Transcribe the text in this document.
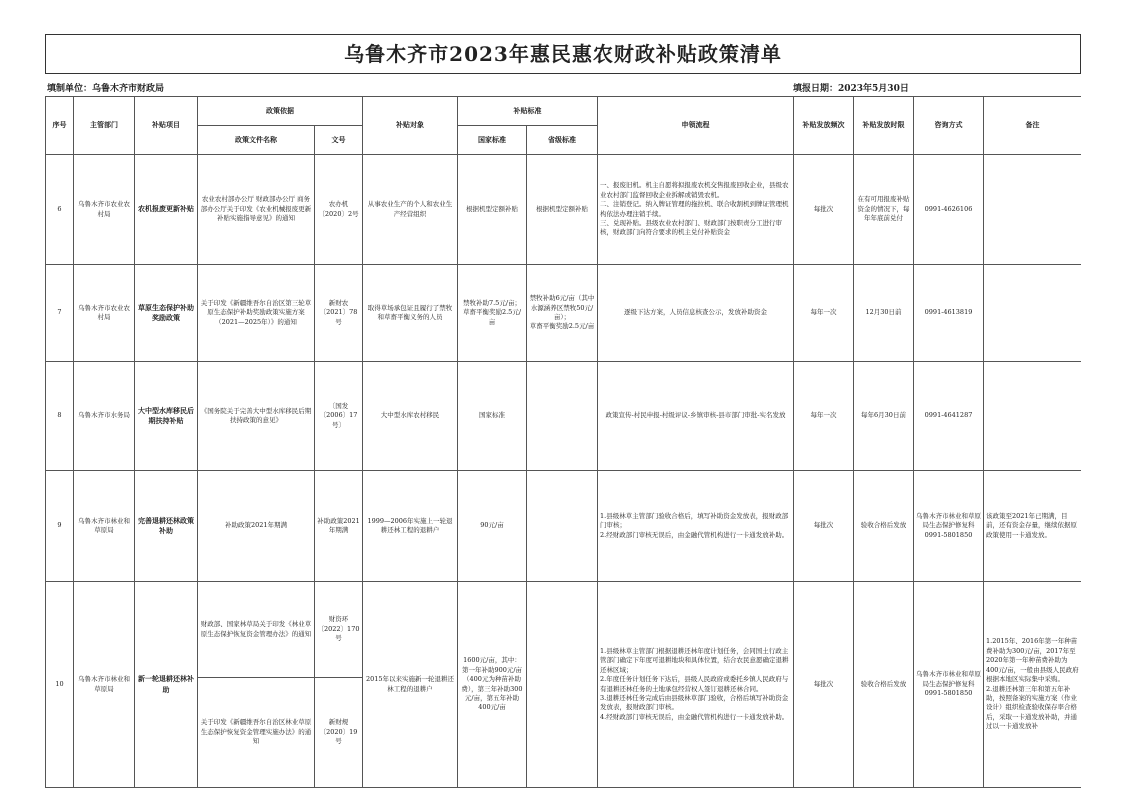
乌鲁木齐市2023年惠民惠农财政补贴政策清单
填制单位：乌鲁木齐市财政局	填报日期：2023年5月30日
序号	主管部门	补贴项目	政策依据		补贴对象	补贴标准		申领流程	补贴发放频次	补贴发放时限	咨询方式	备注
			政策文件名称	文号		国家标准	省级标准					
6	乌鲁木齐市农业农村局	农机报废更新补贴	农业农村部办公厅 财政部办公厅 商务部办公厅关于印发《农业机械报废更新补贴实施指导意见》的通知	农办机〔2020〕2号	从事农业生产的个人和农业生产经营组织	根据机型定额补贴	根据机型定额补贴	一、报废旧机。机主自愿将拟报废农机交售报废回收企业，县级农业农村部门监督回收企业拆解或销毁农机。
二、注销登记。纳入牌证管理的拖拉机、联合收割机到牌证管理机构依法办理注销手续。
三、兑现补贴。县级农业农村部门、财政部门按职责分工进行审核，财政部门向符合要求的机主兑付补贴资金	每批次	在有可用报废补贴资金的情况下，每年年底前兑付	0991-4626106	
7	乌鲁木齐市农业农村局	草原生态保护补助奖励政策	关于印发《新疆维吾尔自治区第三轮草原生态保护补助奖励政策实施方案（2021—2025年）》的通知	新财农〔2021〕78号	取得草场承包证且履行了禁牧和草畜平衡义务的人员	禁牧补助7.5元/亩；
草畜平衡奖励2.5元/亩	禁牧补助6元/亩（其中水源涵养区禁牧50元/亩）；
草畜平衡奖励2.5元/亩	逐级下达方案，人员信息核查公示，发放补助资金	每年一次	12月30日前	0991-4613819	
8	乌鲁木齐市水务局	大中型水库移民后期扶持补贴	《国务院关于完善大中型水库移民后期扶持政策的意见》	〔国发〔2006〕17号〕	大中型水库农村移民	国家标准		政策宣传-村民申报-村级评议-乡镇审核-县市部门审批-实名发放	每年一次	每年6月30日前	0991-4641287	
9	乌鲁木齐市林业和草原局	完善退耕还林政策补助	补助政策2021年期满	补助政策2021年期满	1999—2006年实施上一轮退耕还林工程的退耕户	90元/亩		1.县级林草主管部门验收合格后，填写补助资金发放表，报财政部门审核；
2.经财政部门审核无误后，由金融代管机构进行一卡通发放补助。	每批次	验收合格后发放	乌鲁木齐市林业和草原局生态保护修复科0991-5801850	该政策至2021年已期满，目前，还有资金存量，继续依据原政策使用一卡通发放。
10	乌鲁木齐市林业和草原局	新一轮退耕还林补助	财政部、国家林草局关于印发《林业草原生态保护恢复资金管理办法》的通知	财资环〔2022〕170号	2015年以来实施新一轮退耕还林工程的退耕户	1600元/亩，其中：第一年补助900元/亩（400元为种苗补助费），第三年补助300元/亩，第五年补助400元/亩		1.县级林草主管部门根据退耕还林年度计划任务，会同国土行政主管部门确定下年度可退耕地块和具体位置，结合农民意愿确定退耕还林区域；
2.年度任务计划任务下达后，县级人民政府或委托乡镇人民政府与有退耕还林任务的土地承包经营权人签订退耕还林合同。
3.退耕还林任务完成后由县级林草部门验收，合格后填写补助资金发放表，报财政部门审核。
4.经财政部门审核无误后，由金融代管机构进行一卡通发放补助。	每批次	验收合格后发放	乌鲁木齐市林业和草原局生态保护修复科0991-5801850	1.2015年、2016年第一年种苗费补助为300元/亩，2017年至2020年第一年种苗费补助为400元/亩，一般由县级人民政府根据本地区实际集中采购。
2.退耕还林第三年和第五年补助，按照备案的实施方案（作业设计）组织检查验收保存率合格后，采取一卡通发放补助，并通过以一卡通发放补
			关于印发《新疆维吾尔自治区林业草原生态保护恢复资金管理实施办法》的通知	新财规〔2020〕19号								
